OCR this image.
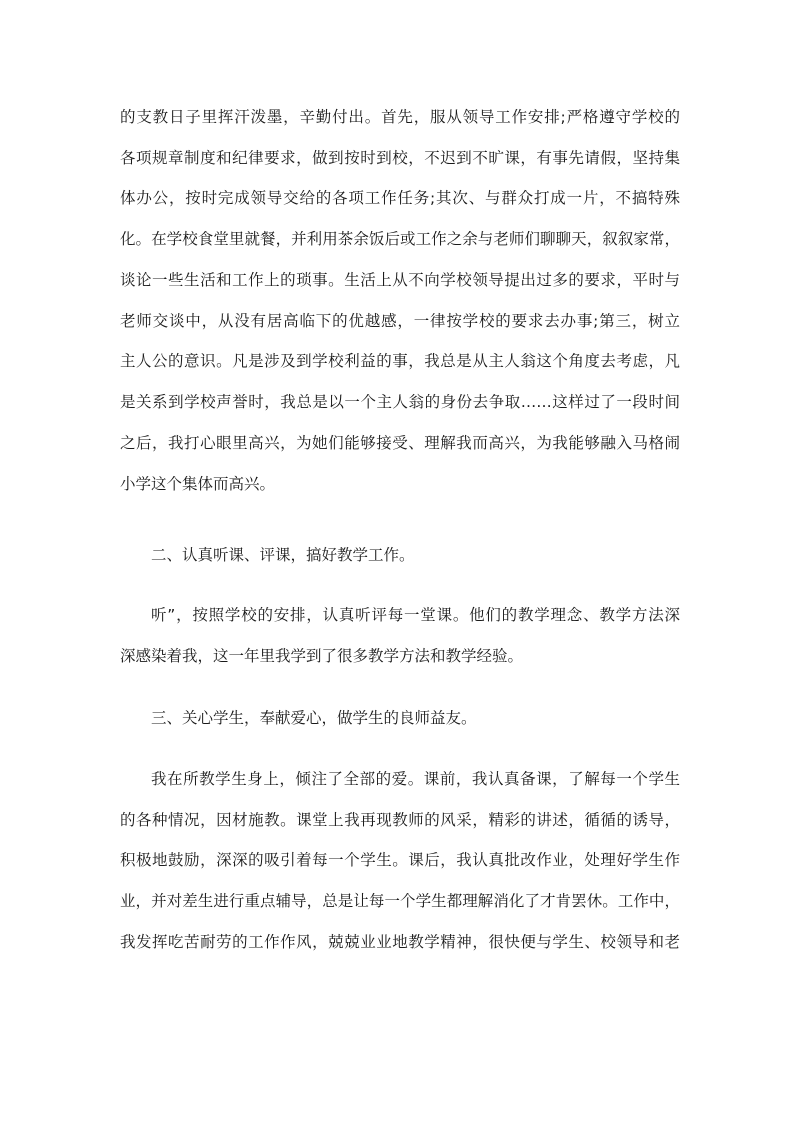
的支教日子里挥汗泼墨，辛勤付出。首先，服从领导工作安排;严格遵守学校的
各项规章制度和纪律要求，做到按时到校，不迟到不旷课，有事先请假，坚持集
体办公，按时完成领导交给的各项工作任务;其次、与群众打成一片，不搞特殊
化。在学校食堂里就餐，并利用茶余饭后或工作之余与老师们聊聊天，叙叙家常，
谈论一些生活和工作上的琐事。生活上从不向学校领导提出过多的要求，平时与
老师交谈中，从没有居高临下的优越感，一律按学校的要求去办事;第三，树立
主人公的意识。凡是涉及到学校利益的事，我总是从主人翁这个角度去考虑，凡
是关系到学校声誉时，我总是以一个主人翁的身份去争取……这样过了一段时间
之后，我打心眼里高兴，为她们能够接受、理解我而高兴，为我能够融入马格闹
小学这个集体而高兴。
二、认真听课、评课，搞好教学工作。
听”，按照学校的安排，认真听评每一堂课。他们的教学理念、教学方法深
深感染着我，这一年里我学到了很多教学方法和教学经验。
三、关心学生，奉献爱心，做学生的良师益友。
我在所教学生身上，倾注了全部的爱。课前，我认真备课，了解每一个学生
的各种情况，因材施教。课堂上我再现教师的风采，精彩的讲述，循循的诱导，
积极地鼓励，深深的吸引着每一个学生。课后，我认真批改作业，处理好学生作
业，并对差生进行重点辅导，总是让每一个学生都理解消化了才肯罢休。工作中，
我发挥吃苦耐劳的工作作风，兢兢业业地教学精神，很快便与学生、校领导和老
